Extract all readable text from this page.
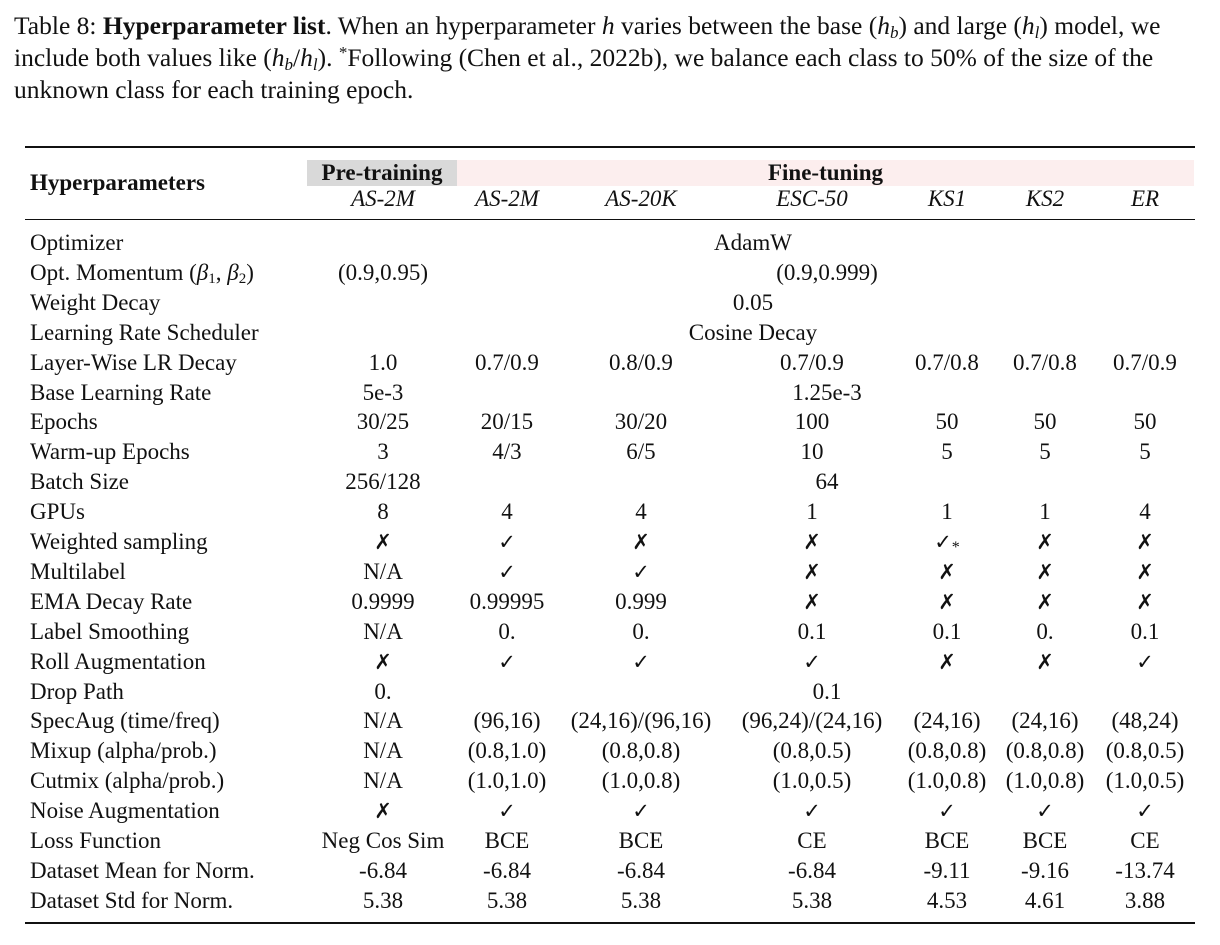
Table 8: Hyperparameter list. When an hyperparameter h varies between the base $(h_b)$ and large $(h_l)$ model, we include both values like $(h_b/h_l)$. *Following (Chen et al., 2022b), we balance each class to 50% of the size of the unknown class for each training epoch.
Pre-training	Fine-tuning
Hyperparameters
AS-2M	AS-2M	AS-20K	ESC-50	KS1	KS2	ER
Optimizer	AdamW
Opt. Momentum ($\beta_1$, $\beta_2$)	(0.9,0.95)	(0.9,0.999)
Weight Decay	0.05
Learning Rate Scheduler	Cosine Decay
Layer-Wise LR Decay	1.0	0.7/0.9	0.8/0.9	0.7/0.9	0.7/0.8	0.7/0.8	0.7/0.9
Base Learning Rate	5e-3	1.25e-3
Epochs	30/25	20/15	30/20	100	50	50	50
Warm-up Epochs	3	4/3	6/5	10	5	5	5
Batch Size	256/128	64
GPUs	8	4	4	1	1	1	4
Weighted sampling	✗	✓	✗	✗	✓*	✗	✗
Multilabel	N/A	✓	✓	✗	✗	✗	✗
EMA Decay Rate	0.9999	0.99995	0.999	✗	✗	✗	✗
Label Smoothing	N/A	0.	0.	0.1	0.1	0.	0.1
Roll Augmentation	✗	✓	✓	✓	✗	✗	✓
Drop Path	0.	0.1
SpecAug (time/freq)	N/A	(96,16)	(24,16)/(96,16)	(96,24)/(24,16)	(24,16)	(24,16)	(48,24)
Mixup (alpha/prob.)	N/A	(0.8,1.0)	(0.8,0.8)	(0.8,0.5)	(0.8,0.8) (0.8,0.8) (0.8,0.5)
Cutmix (alpha/prob.)	N/A	(1.0,1.0)	(1.0,0.8)	(1.0,0.5)	(1.0,0.8) (1.0,0.8) (1.0,0.5)
Noise Augmentation	✗	✓	✓	✓	✓	✓	✓
Loss Function	Neg Cos Sim	BCE	BCE	CE	BCE	BCE	CE
Dataset Mean for Norm.	-6.84	-6.84	-6.84	-6.84	-9.11	-9.16	-13.74
Dataset Std for Norm.	5.38	5.38	5.38	5.38	4.53	4.61	3.88
